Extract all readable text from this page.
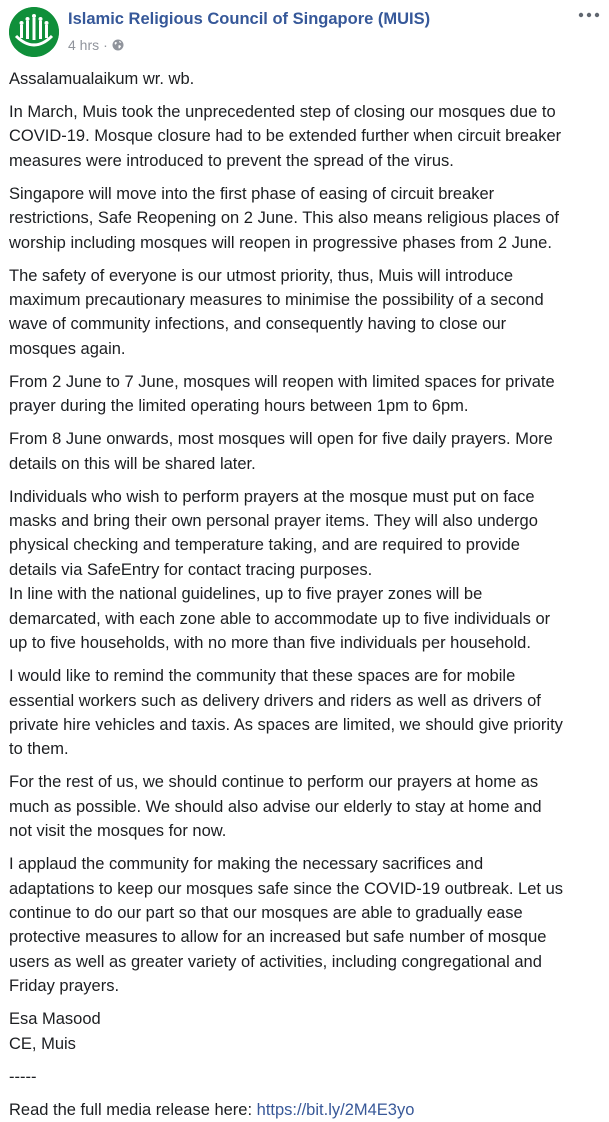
Islamic Religious Council of Singapore (MUIS)
4 hrs ·

Assalamualaikum wr. wb.

In March, Muis took the unprecedented step of closing our mosques due to

COVID-19. Mosque closure had to be extended further when circuit breaker

measures were introduced to prevent the spread of the virus.

Singapore will move into the first phase of easing of circuit breaker

restrictions, Safe Reopening on 2 June. This also means religious places of

worship including mosques will reopen in progressive phases from 2 June.

The safety of everyone is our utmost priority, thus, Muis will introduce

maximum precautionary measures to minimise the possibility of a second

wave of community infections, and consequently having to close our

mosques again.

From 2 June to 7 June, mosques will reopen with limited spaces for private

prayer during the limited operating hours between 1pm to 6pm.

From 8 June onwards, most mosques will open for five daily prayers. More

details on this will be shared later.

Individuals who wish to perform prayers at the mosque must put on face

masks and bring their own personal prayer items. They will also undergo

physical checking and temperature taking, and are required to provide

details via SafeEntry for contact tracing purposes.

In line with the national guidelines, up to five prayer zones will be

demarcated, with each zone able to accommodate up to five individuals or

up to five households, with no more than five individuals per household.

I would like to remind the community that these spaces are for mobile

essential workers such as delivery drivers and riders as well as drivers of

private hire vehicles and taxis. As spaces are limited, we should give priority

to them.

For the rest of us, we should continue to perform our prayers at home as

much as possible. We should also advise our elderly to stay at home and

not visit the mosques for now.

I applaud the community for making the necessary sacrifices and

adaptations to keep our mosques safe since the COVID-19 outbreak. Let us

continue to do our part so that our mosques are able to gradually ease

protective measures to allow for an increased but safe number of mosque

users as well as greater variety of activities, including congregational and

Friday prayers.

Esa Masood

CE, Muis

-----

Read the full media release here: https://bit.ly/2M4E3yo
